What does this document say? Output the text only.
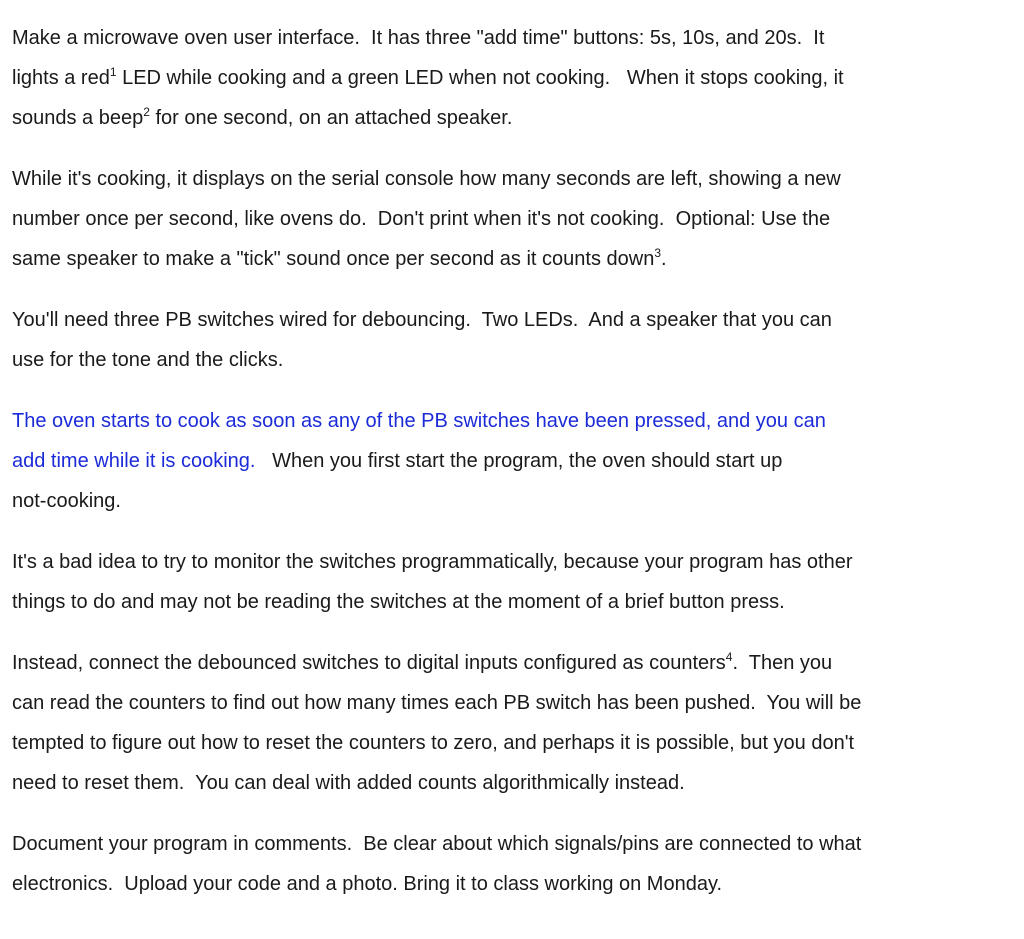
Make a microwave oven user interface.  It has three "add time" buttons: 5s, 10s, and 20s.  It
lights a red$^1$ LED while cooking and a green LED when not cooking.   When it stops cooking, it
sounds a beep$^2$ for one second, on an attached speaker.

While it's cooking, it displays on the serial console how many seconds are left, showing a new
number once per second, like ovens do.  Don't print when it's not cooking.  Optional: Use the
same speaker to make a "tick" sound once per second as it counts down$^3$.

You'll need three PB switches wired for debouncing.  Two LEDs.  And a speaker that you can
use for the tone and the clicks.

The oven starts to cook as soon as any of the PB switches have been pressed, and you can
add time while it is cooking.   When you first start the program, the oven should start up
not-cooking.

It's a bad idea to try to monitor the switches programmatically, because your program has other
things to do and may not be reading the switches at the moment of a brief button press.

Instead, connect the debounced switches to digital inputs configured as counters$^4$.  Then you
can read the counters to find out how many times each PB switch has been pushed.  You will be
tempted to figure out how to reset the counters to zero, and perhaps it is possible, but you don't
need to reset them.  You can deal with added counts algorithmically instead.

Document your program in comments.  Be clear about which signals/pins are connected to what
electronics.  Upload your code and a photo. Bring it to class working on Monday.
